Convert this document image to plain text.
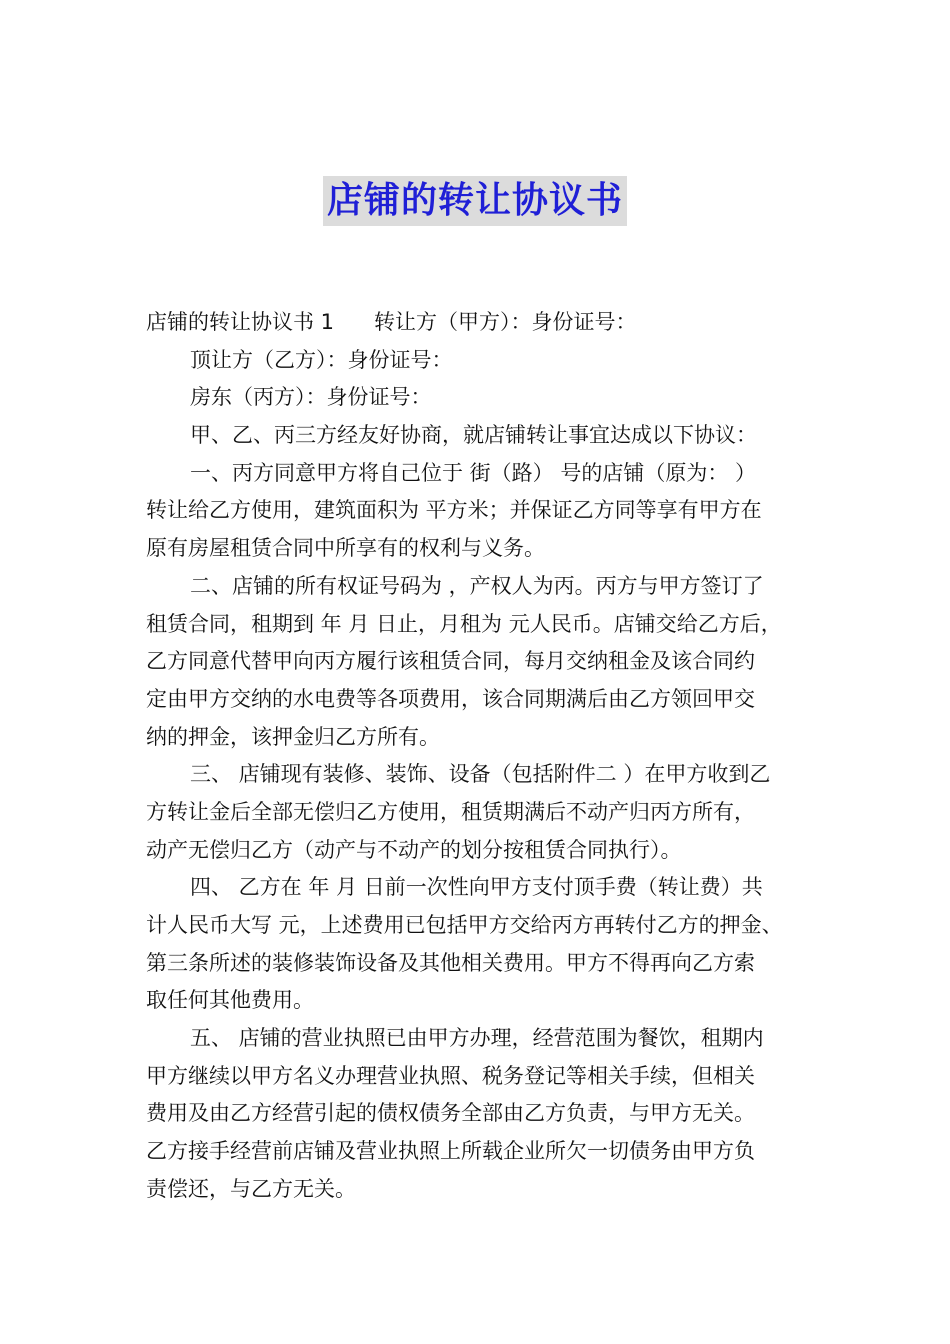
店铺的转让协议书
店铺的转让协议书 1 转让方（甲方）：身份证号：
顶让方（乙方）：身份证号：
房东（丙方）：身份证号：
甲、乙、丙三方经友好协商，就店铺转让事宜达成以下协议：
一、丙方同意甲方将自己位于 街（路） 号的店铺（原为： ）
转让给乙方使用，建筑面积为 平方米；并保证乙方同等享有甲方在
原有房屋租赁合同中所享有的权利与义务。
二、店铺的所有权证号码为 ，产权人为丙。丙方与甲方签订了
租赁合同，租期到 年 月 日止，月租为 元人民币。店铺交给乙方后，
乙方同意代替甲向丙方履行该租赁合同，每月交纳租金及该合同约
定由甲方交纳的水电费等各项费用，该合同期满后由乙方领回甲交
纳的押金，该押金归乙方所有。
三、 店铺现有装修、装饰、设备（包括附件二 ）在甲方收到乙
方转让金后全部无偿归乙方使用，租赁期满后不动产归丙方所有，
动产无偿归乙方（动产与不动产的划分按租赁合同执行）。
四、 乙方在 年 月 日前一次性向甲方支付顶手费（转让费）共
计人民币大写 元，上述费用已包括甲方交给丙方再转付乙方的押金、
第三条所述的装修装饰设备及其他相关费用。甲方不得再向乙方索
取任何其他费用。
五、 店铺的营业执照已由甲方办理，经营范围为餐饮，租期内
甲方继续以甲方名义办理营业执照、税务登记等相关手续，但相关
费用及由乙方经营引起的债权债务全部由乙方负责，与甲方无关。
乙方接手经营前店铺及营业执照上所载企业所欠一切债务由甲方负
责偿还，与乙方无关。
